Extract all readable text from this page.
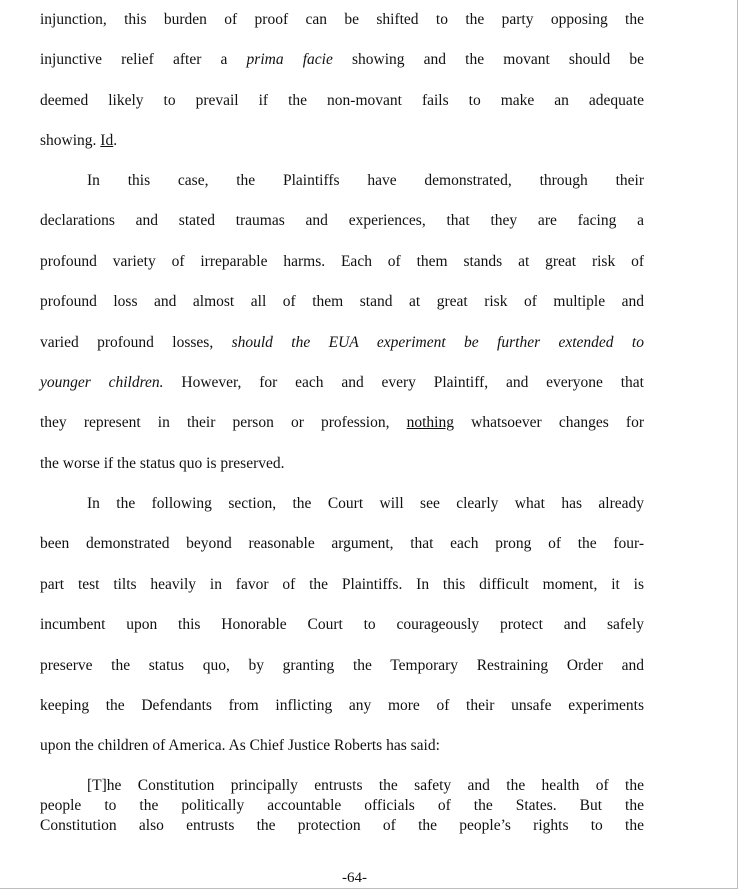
injunction, this burden of proof can be shifted to the party opposing the
injunctive relief after a prima facie showing and the movant should be
deemed likely to prevail if the non-movant fails to make an adequate
showing. Id.
In this case, the Plaintiffs have demonstrated, through their
declarations and stated traumas and experiences, that they are facing a
profound variety of irreparable harms. Each of them stands at great risk of
profound loss and almost all of them stand at great risk of multiple and
varied profound losses, should the EUA experiment be further extended to
younger children. However, for each and every Plaintiff, and everyone that
they represent in their person or profession, nothing whatsoever changes for
the worse if the status quo is preserved.
In the following section, the Court will see clearly what has already
been demonstrated beyond reasonable argument, that each prong of the four-
part test tilts heavily in favor of the Plaintiffs. In this difficult moment, it is
incumbent upon this Honorable Court to courageously protect and safely
preserve the status quo, by granting the Temporary Restraining Order and
keeping the Defendants from inflicting any more of their unsafe experiments
upon the children of America. As Chief Justice Roberts has said:
[T]he Constitution principally entrusts the safety and the health of the
people to the politically accountable officials of the States. But the
Constitution also entrusts the protection of the people’s rights to the
-64-
